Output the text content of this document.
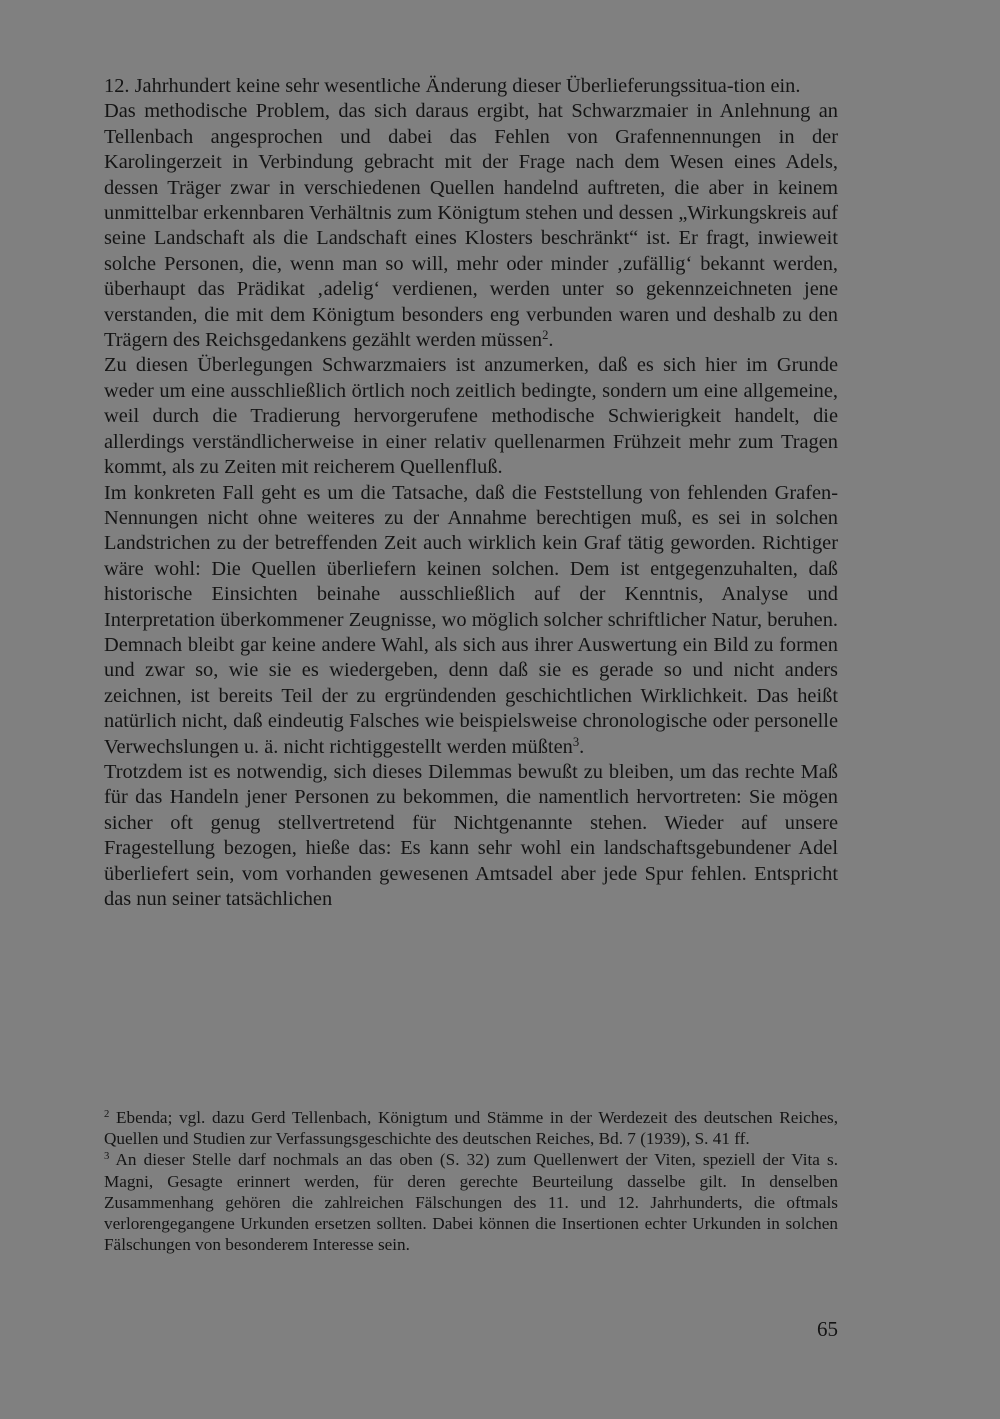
12. Jahrhundert keine sehr wesentliche Änderung dieser Überlieferungssitua-tion ein.

Das methodische Problem, das sich daraus ergibt, hat Schwarzmaier in Anlehnung an Tellenbach angesprochen und dabei das Fehlen von Grafennennungen in der Karolingerzeit in Verbindung gebracht mit der Frage nach dem Wesen eines Adels, dessen Träger zwar in verschiedenen Quellen handelnd auftreten, die aber in keinem unmittelbar erkennbaren Verhältnis zum Königtum stehen und dessen „Wirkungskreis auf seine Landschaft als die Landschaft eines Klosters beschränkt“ ist. Er fragt, inwieweit solche Personen, die, wenn man so will, mehr oder minder ‚zufällig‘ bekannt werden, überhaupt das Prädikat ‚adelig‘ verdienen, werden unter so gekennzeichneten jene verstanden, die mit dem Königtum besonders eng verbunden waren und deshalb zu den Trägern des Reichsgedankens gezählt werden müssen$^2$.

Zu diesen Überlegungen Schwarzmaiers ist anzumerken, daß es sich hier im Grunde weder um eine ausschließlich örtlich noch zeitlich bedingte, sondern um eine allgemeine, weil durch die Tradierung hervorgerufene methodische Schwierigkeit handelt, die allerdings verständlicherweise in einer relativ quellenarmen Frühzeit mehr zum Tragen kommt, als zu Zeiten mit reicherem Quellenfluß.

Im konkreten Fall geht es um die Tatsache, daß die Feststellung von fehlenden Grafen-Nennungen nicht ohne weiteres zu der Annahme berechtigen muß, es sei in solchen Landstrichen zu der betreffenden Zeit auch wirklich kein Graf tätig geworden. Richtiger wäre wohl: Die Quellen überliefern keinen solchen. Dem ist entgegenzuhalten, daß historische Einsichten beinahe ausschließlich auf der Kenntnis, Analyse und Interpretation überkommener Zeugnisse, wo möglich solcher schriftlicher Natur, beruhen. Demnach bleibt gar keine andere Wahl, als sich aus ihrer Auswertung ein Bild zu formen und zwar so, wie sie es wiedergeben, denn daß sie es gerade so und nicht anders zeichnen, ist bereits Teil der zu ergründenden geschichtlichen Wirklichkeit. Das heißt natürlich nicht, daß eindeutig Falsches wie beispielsweise chronologische oder personelle Verwechslungen u. ä. nicht richtiggestellt werden müßten$^3$.

Trotzdem ist es notwendig, sich dieses Dilemmas bewußt zu bleiben, um das rechte Maß für das Handeln jener Personen zu bekommen, die namentlich hervortreten: Sie mögen sicher oft genug stellvertretend für Nichtgenannte stehen. Wieder auf unsere Fragestellung bezogen, hieße das: Es kann sehr wohl ein landschaftsgebundener Adel überliefert sein, vom vorhanden gewesenen Amtsadel aber jede Spur fehlen. Entspricht das nun seiner tatsächlichen

$^2$ Ebenda; vgl. dazu Gerd Tellenbach, Königtum und Stämme in der Werdezeit des deutschen Reiches, Quellen und Studien zur Verfassungsgeschichte des deutschen Reiches, Bd. 7 (1939), S. 41 ff.

$^3$ An dieser Stelle darf nochmals an das oben (S. 32) zum Quellenwert der Viten, speziell der Vita s. Magni, Gesagte erinnert werden, für deren gerechte Beurteilung dasselbe gilt. In denselben Zusammenhang gehören die zahlreichen Fälschungen des 11. und 12. Jahrhunderts, die oftmals verlorengegangene Urkunden ersetzen sollten. Dabei können die Insertionen echter Urkunden in solchen Fälschungen von besonderem Interesse sein.

65
